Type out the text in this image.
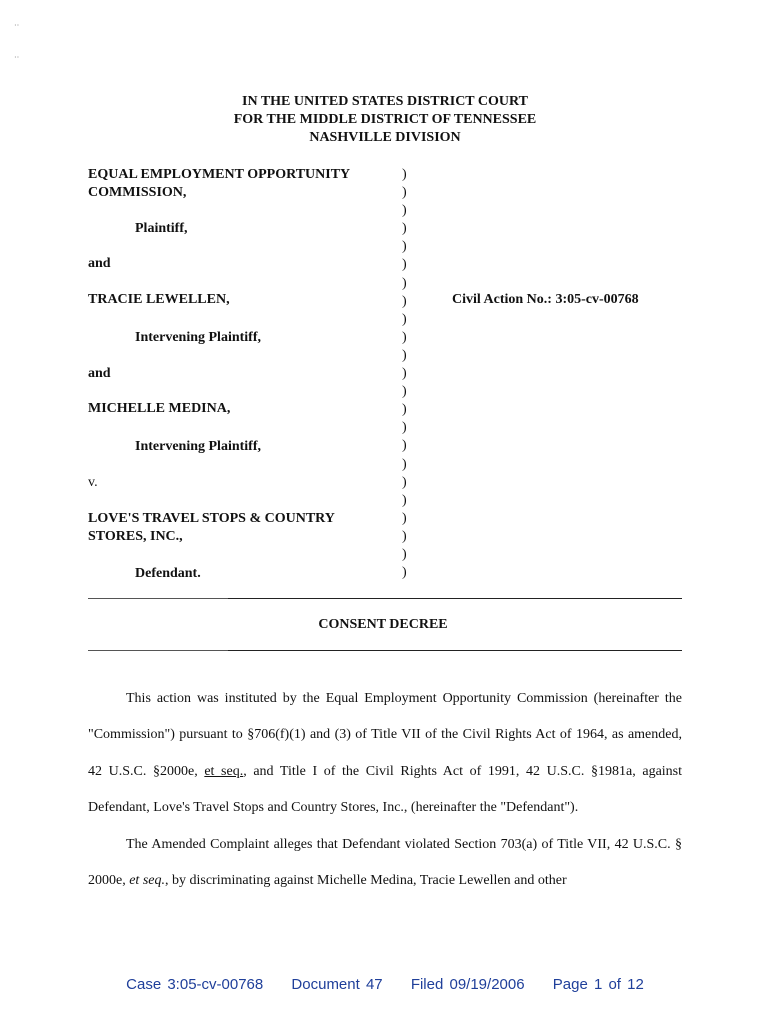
··
··
IN THE UNITED STATES DISTRICT COURT
FOR THE MIDDLE DISTRICT OF TENNESSEE
NASHVILLE DIVISION
EQUAL EMPLOYMENT OPPORTUNITY
COMMISSION,
Plaintiff,
and
TRACIE LEWELLEN,
Intervening Plaintiff,
and
MICHELLE MEDINA,
Intervening Plaintiff,
v.
LOVE'S TRAVEL STOPS & COUNTRY
STORES, INC.,
Defendant.
)
)
)
)
)
)
)
)
)
)
)
)
)
)
)
)
)
)
)
)
)
)
)
Civil Action No.: 3:05-cv-00768
CONSENT DECREE

This action was instituted by the Equal Employment Opportunity Commission (hereinafter the "Commission") pursuant to §706(f)(1) and (3) of Title VII of the Civil Rights Act of 1964, as amended, 42 U.S.C. §2000e, et seq., and Title I of the Civil Rights Act of 1991, 42 U.S.C. §1981a, against Defendant, Love's Travel Stops and Country Stores, Inc., (hereinafter the "Defendant").

The Amended Complaint alleges that Defendant violated Section 703(a) of Title VII, 42 U.S.C. § 2000e, et seq., by discriminating against Michelle Medina, Tracie Lewellen and other

Case 3:05-cv-00768 Document 47 Filed 09/19/2006 Page 1 of 12
